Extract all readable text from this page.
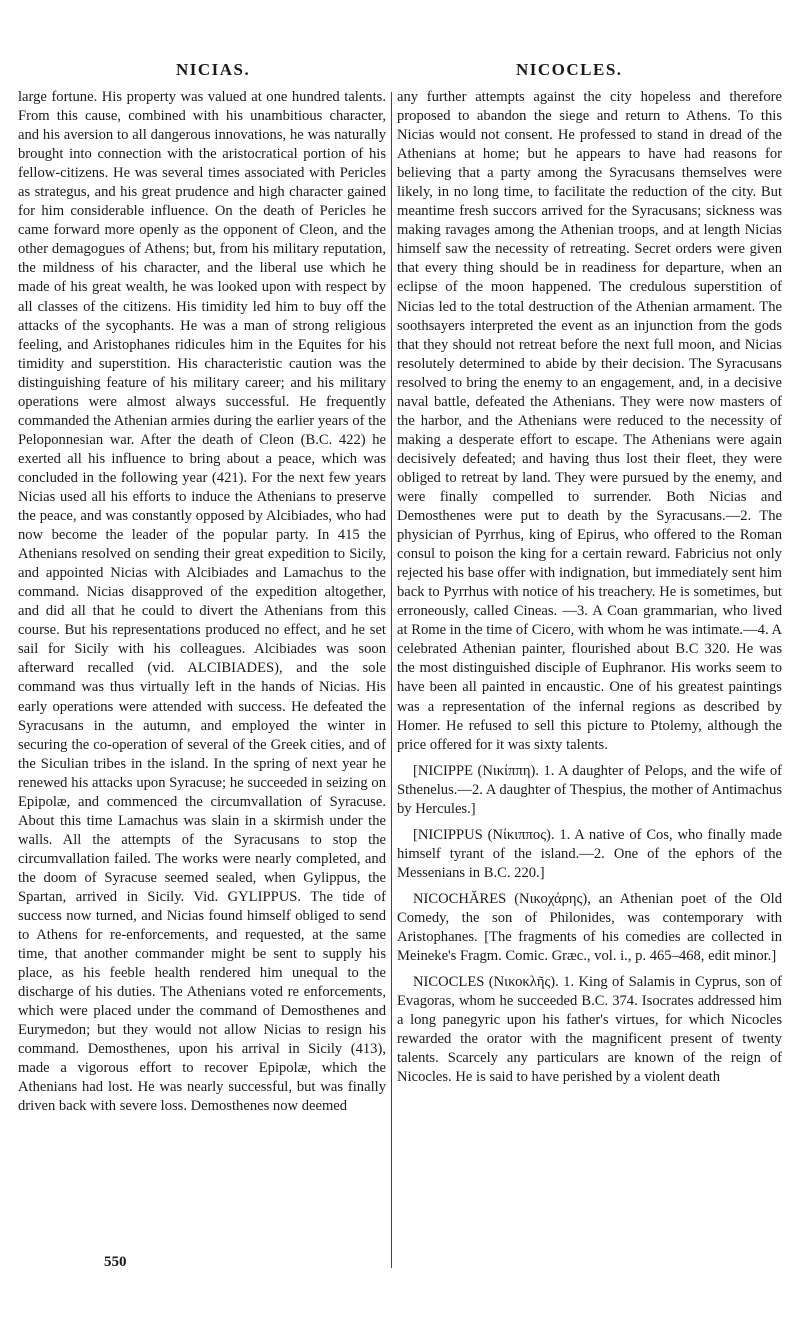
NICIAS.	NICOCLES.

large fortune. His property was valued at one hundred talents. From this cause, combined with his unambitious character, and his aversion to all dangerous innovations, he was naturally brought into connection with the aristocratical portion of his fellow-citizens. He was several times associated with Pericles as strategus, and his great prudence and high character gained for him considerable influence. On the death of Pericles he came forward more openly as the opponent of Cleon, and the other demagogues of Athens; but, from his military reputation, the mildness of his character, and the liberal use which he made of his great wealth, he was looked upon with respect by all classes of the citizens. His timidity led him to buy off the attacks of the sycophants. He was a man of strong religious feeling, and Aristophanes ridicules him in the Equites for his timidity and superstition. His characteristic caution was the distinguishing feature of his military career; and his military operations were almost always successful. He frequently commanded the Athenian armies during the earlier years of the Peloponnesian war. After the death of Cleon (B.C. 422) he exerted all his influence to bring about a peace, which was concluded in the following year (421). For the next few years Nicias used all his efforts to induce the Athenians to preserve the peace, and was constantly opposed by Alcibiades, who had now become the leader of the popular party. In 415 the Athenians resolved on sending their great expedition to Sicily, and appointed Nicias with Alcibiades and Lamachus to the command. Nicias disapproved of the expedition altogether, and did all that he could to divert the Athenians from this course. But his representations produced no effect, and he set sail for Sicily with his colleagues. Alcibiades was soon afterward recalled (vid. ALCIBIADES), and the sole command was thus virtually left in the hands of Nicias. His early operations were attended with success. He defeated the Syracusans in the autumn, and employed the winter in securing the co-operation of several of the Greek cities, and of the Siculian tribes in the island. In the spring of next year he renewed his attacks upon Syracuse; he succeeded in seizing on Epipolæ, and commenced the circumvallation of Syracuse. About this time Lamachus was slain in a skirmish under the walls. All the attempts of the Syracusans to stop the circumvallation failed. The works were nearly completed, and the doom of Syracuse seemed sealed, when Gylippus, the Spartan, arrived in Sicily. Vid. GYLIPPUS. The tide of success now turned, and Nicias found himself obliged to send to Athens for re-enforcements, and requested, at the same time, that another commander might be sent to supply his place, as his feeble health rendered him unequal to the discharge of his duties. The Athenians voted re enforcements, which were placed under the command of Demosthenes and Eurymedon; but they would not allow Nicias to resign his command. Demosthenes, upon his arrival in Sicily (413), made a vigorous effort to recover Epipolæ, which the Athenians had lost. He was nearly successful, but was finally driven back with severe loss. Demosthenes now deemed

any further attempts against the city hopeless and therefore proposed to abandon the siege and return to Athens. To this Nicias would not consent. He professed to stand in dread of the Athenians at home; but he appears to have had reasons for believing that a party among the Syracusans themselves were likely, in no long time, to facilitate the reduction of the city. But meantime fresh succors arrived for the Syracusans; sickness was making ravages among the Athenian troops, and at length Nicias himself saw the necessity of retreating. Secret orders were given that every thing should be in readiness for departure, when an eclipse of the moon happened. The credulous superstition of Nicias led to the total destruction of the Athenian armament. The soothsayers interpreted the event as an injunction from the gods that they should not retreat before the next full moon, and Nicias resolutely determined to abide by their decision. The Syracusans resolved to bring the enemy to an engagement, and, in a decisive naval battle, defeated the Athenians. They were now masters of the harbor, and the Athenians were reduced to the necessity of making a desperate effort to escape. The Athenians were again decisively defeated; and having thus lost their fleet, they were obliged to retreat by land. They were pursued by the enemy, and were finally compelled to surrender. Both Nicias and Demosthenes were put to death by the Syracusans.—2. The physician of Pyrrhus, king of Epirus, who offered to the Roman consul to poison the king for a certain reward. Fabricius not only rejected his base offer with indignation, but immediately sent him back to Pyrrhus with notice of his treachery. He is sometimes, but erroneously, called Cineas. —3. A Coan grammarian, who lived at Rome in the time of Cicero, with whom he was intimate.—4. A celebrated Athenian painter, flourished about B.C 320. He was the most distinguished disciple of Euphranor. His works seem to have been all painted in encaustic. One of his greatest paintings was a representation of the infernal regions as described by Homer. He refused to sell this picture to Ptolemy, although the price offered for it was sixty talents.

[NICIPPE (Νικίππη). 1. A daughter of Pelops, and the wife of Sthenelus.—2. A daughter of Thespius, the mother of Antimachus by Hercules.]

[NICIPPUS (Νίκιππος). 1. A native of Cos, who finally made himself tyrant of the island.—2. One of the ephors of the Messenians in B.C. 220.]

NICOCHĂRES (Νικοχάρης), an Athenian poet of the Old Comedy, the son of Philonides, was contemporary with Aristophanes. [The fragments of his comedies are collected in Meineke's Fragm. Comic. Græc., vol. i., p. 465–468, edit minor.]

NICOCLES (Νικοκλῆς). 1. King of Salamis in Cyprus, son of Evagoras, whom he succeeded B.C. 374. Isocrates addressed him a long panegyric upon his father's virtues, for which Nicocles rewarded the orator with the magnificent present of twenty talents. Scarcely any particulars are known of the reign of Nicocles. He is said to have perished by a violent death

550
